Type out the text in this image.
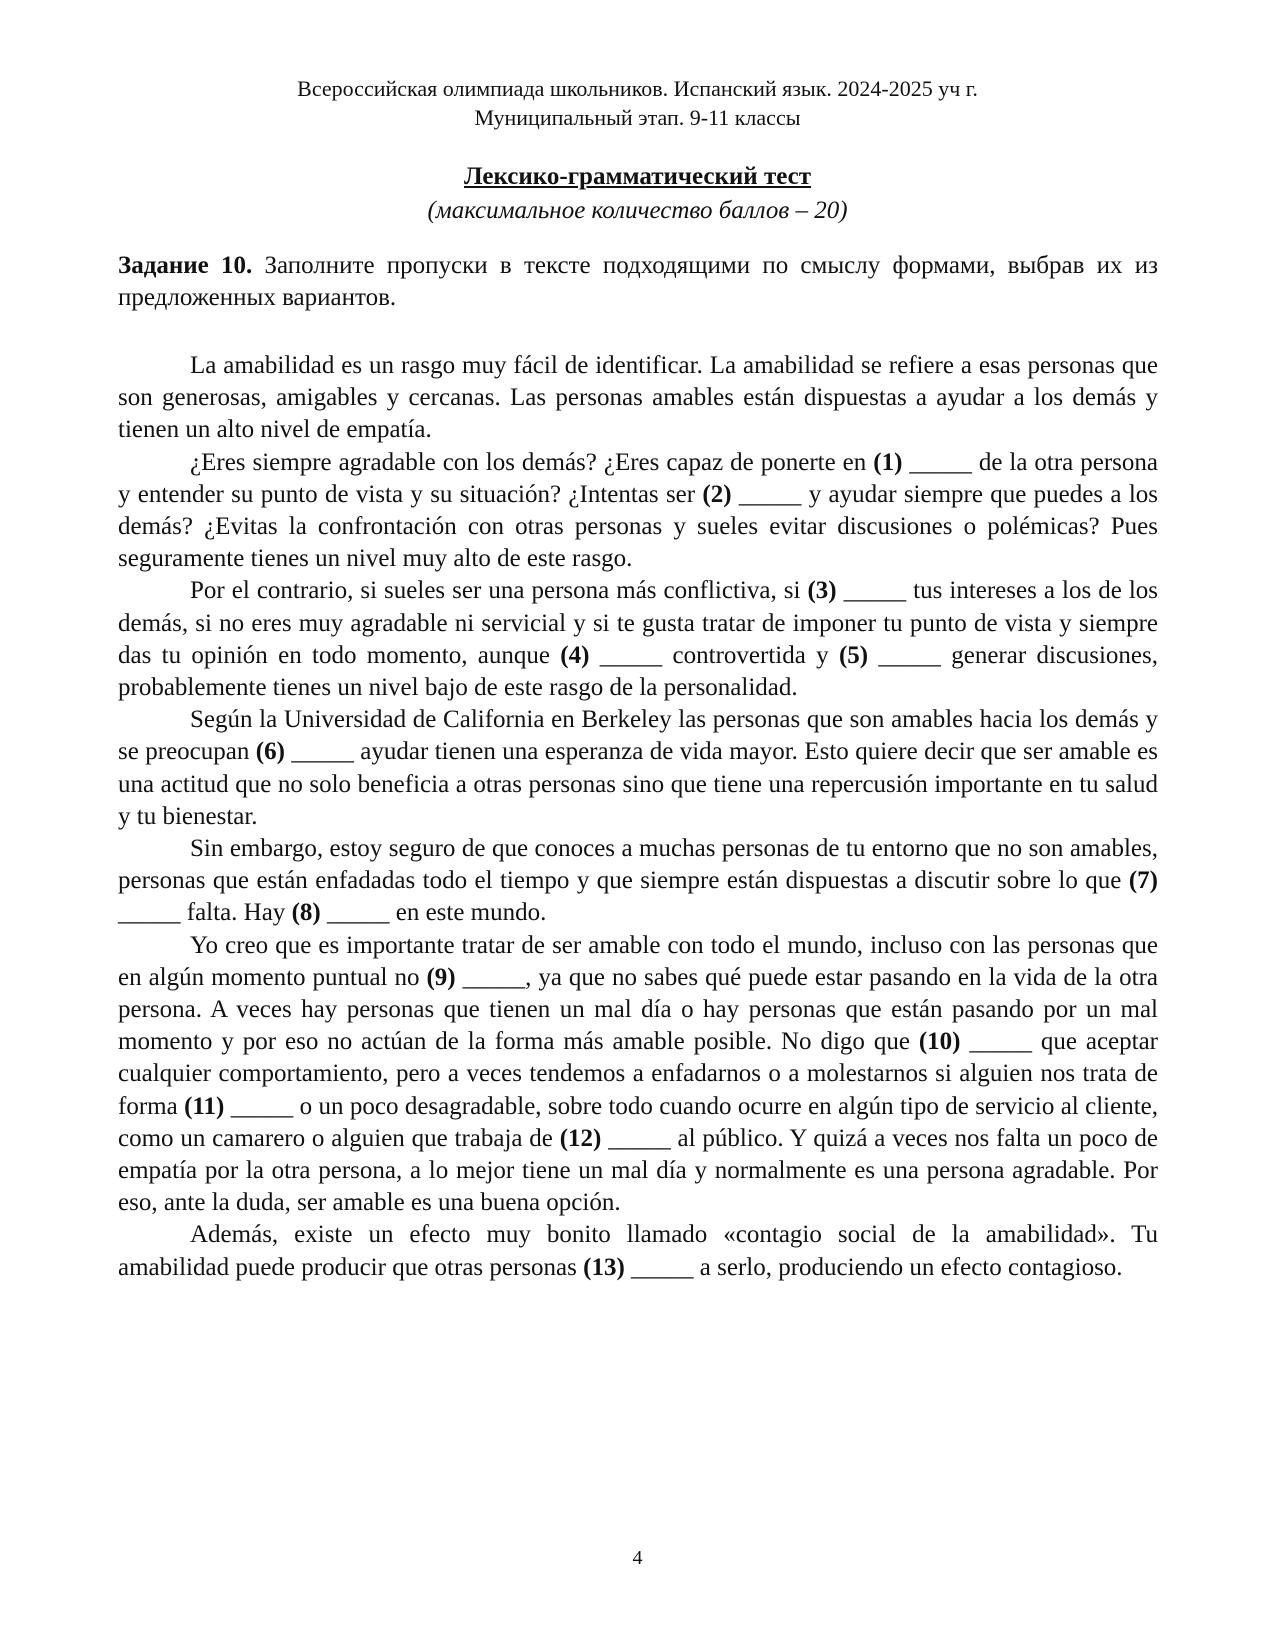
Всероссийская олимпиада школьников. Испанский язык. 2024-2025 уч г.
Муниципальный этап. 9-11 классы
Лексико-грамматический тест
(максимальное количество баллов – 20)
Задание 10. Заполните пропуски в тексте подходящими по смыслу формами, выбрав их из предложенных вариантов.

La amabilidad es un rasgo muy fácil de identificar. La amabilidad se refiere a esas personas que son generosas, amigables y cercanas. Las personas amables están dispuestas a ayudar a los demás y tienen un alto nivel de empatía.

¿Eres siempre agradable con los demás? ¿Eres capaz de ponerte en (1) _____ de la otra persona y entender su punto de vista y su situación? ¿Intentas ser (2) _____ y ayudar siempre que puedes a los demás? ¿Evitas la confrontación con otras personas y sueles evitar discusiones o polémicas? Pues seguramente tienes un nivel muy alto de este rasgo.

Por el contrario, si sueles ser una persona más conflictiva, si (3) _____ tus intereses a los de los demás, si no eres muy agradable ni servicial y si te gusta tratar de imponer tu punto de vista y siempre das tu opinión en todo momento, aunque (4) _____ controvertida y (5) _____ generar discusiones, probablemente tienes un nivel bajo de este rasgo de la personalidad.

Según la Universidad de California en Berkeley las personas que son amables hacia los demás y se preocupan (6) _____ ayudar tienen una esperanza de vida mayor. Esto quiere decir que ser amable es una actitud que no solo beneficia a otras personas sino que tiene una repercusión importante en tu salud y tu bienestar.

Sin embargo, estoy seguro de que conoces a muchas personas de tu entorno que no son amables, personas que están enfadadas todo el tiempo y que siempre están dispuestas a discutir sobre lo que (7) _____ falta. Hay (8) _____ en este mundo.

Yo creo que es importante tratar de ser amable con todo el mundo, incluso con las personas que en algún momento puntual no (9) _____, ya que no sabes qué puede estar pasando en la vida de la otra persona. A veces hay personas que tienen un mal día o hay personas que están pasando por un mal momento y por eso no actúan de la forma más amable posible. No digo que (10) _____ que aceptar cualquier comportamiento, pero a veces tendemos a enfadarnos o a molestarnos si alguien nos trata de forma (11) _____ o un poco desagradable, sobre todo cuando ocurre en algún tipo de servicio al cliente, como un camarero o alguien que trabaja de (12) _____ al público. Y quizá a veces nos falta un poco de empatía por la otra persona, a lo mejor tiene un mal día y normalmente es una persona agradable. Por eso, ante la duda, ser amable es una buena opción.

Además, existe un efecto muy bonito llamado «contagio social de la amabilidad». Tu amabilidad puede producir que otras personas (13) _____ a serlo, produciendo un efecto contagioso.

4
